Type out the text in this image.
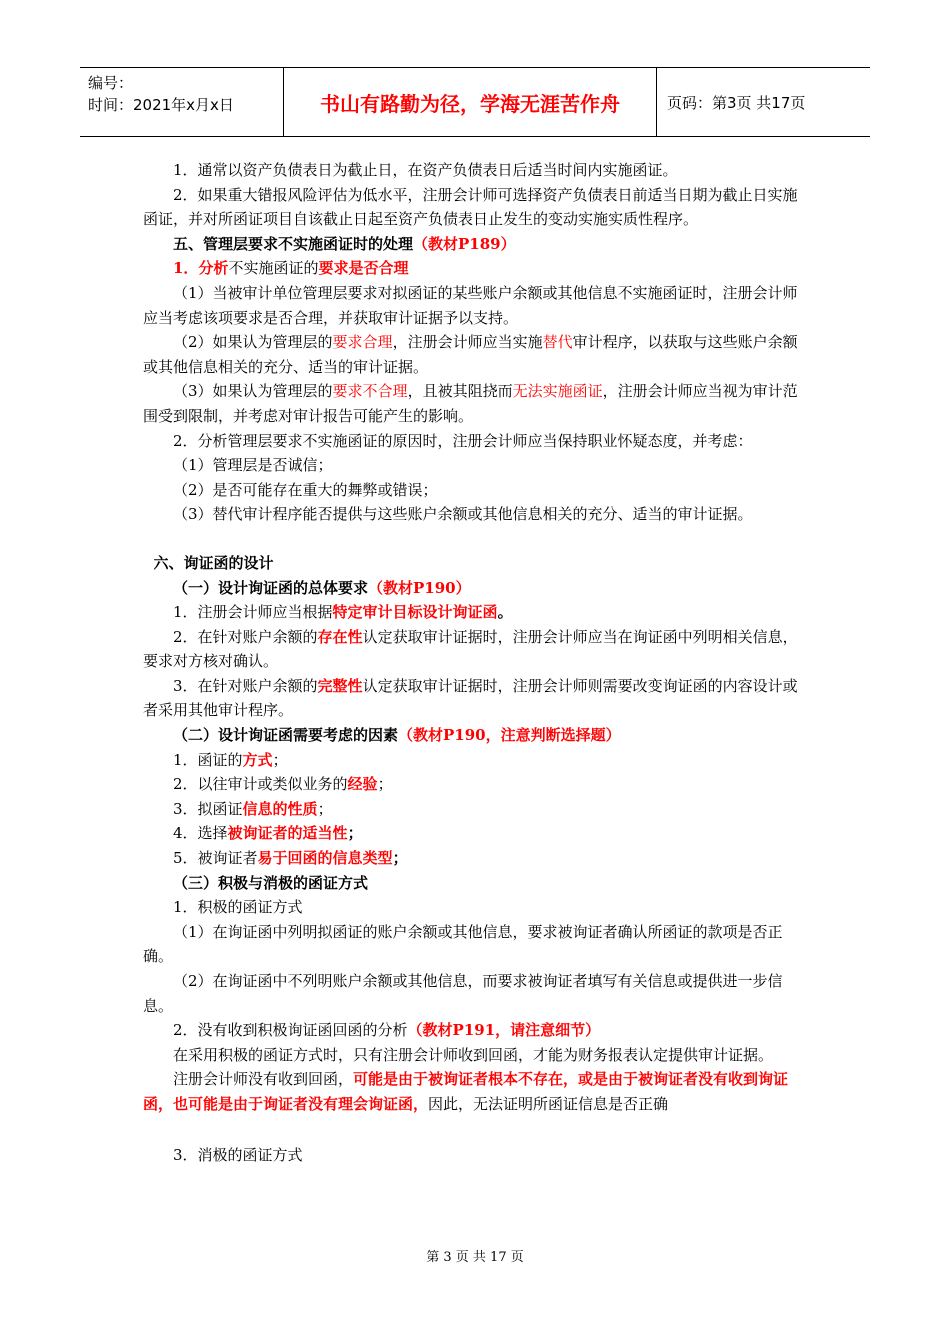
编号：
时间：2021年x月x日	书山有路勤为径，学海无涯苦作舟	页码：第3页 共17页

1．通常以资产负债表日为截止日，在资产负债表日后适当时间内实施函证。

2．如果重大错报风险评估为低水平，注册会计师可选择资产负债表日前适当日期为截止日实施函证，并对所函证项目自该截止日起至资产负债表日止发生的变动实施实质性程序。

五、管理层要求不实施函证时的处理（教材P189）

1．分析不实施函证的要求是否合理

（1）当被审计单位管理层要求对拟函证的某些账户余额或其他信息不实施函证时，注册会计师应当考虑该项要求是否合理，并获取审计证据予以支持。

（2）如果认为管理层的要求合理，注册会计师应当实施替代审计程序，以获取与这些账户余额或其他信息相关的充分、适当的审计证据。

（3）如果认为管理层的要求不合理，且被其阻挠而无法实施函证，注册会计师应当视为审计范围受到限制，并考虑对审计报告可能产生的影响。

2．分析管理层要求不实施函证的原因时，注册会计师应当保持职业怀疑态度，并考虑：

（1）管理层是否诚信；

（2）是否可能存在重大的舞弊或错误；

（3）替代审计程序能否提供与这些账户余额或其他信息相关的充分、适当的审计证据。

六、询证函的设计

（一）设计询证函的总体要求（教材P190）

1．注册会计师应当根据特定审计目标设计询证函。

2．在针对账户余额的存在性认定获取审计证据时，注册会计师应当在询证函中列明相关信息，要求对方核对确认。

3．在针对账户余额的完整性认定获取审计证据时，注册会计师则需要改变询证函的内容设计或者采用其他审计程序。

（二）设计询证函需要考虑的因素（教材P190，注意判断选择题）

1．函证的方式；

2．以往审计或类似业务的经验；

3．拟函证信息的性质；

4．选择被询证者的适当性；

5．被询证者易于回函的信息类型；

（三）积极与消极的函证方式

1．积极的函证方式

（1）在询证函中列明拟函证的账户余额或其他信息，要求被询证者确认所函证的款项是否正确。

（2）在询证函中不列明账户余额或其他信息，而要求被询证者填写有关信息或提供进一步信息。

2．没有收到积极询证函回函的分析（教材P191，请注意细节）

在采用积极的函证方式时，只有注册会计师收到回函，才能为财务报表认定提供审计证据。

注册会计师没有收到回函，可能是由于被询证者根本不存在，或是由于被询证者没有收到询证函，也可能是由于询证者没有理会询证函，因此，无法证明所函证信息是否正确

3．消极的函证方式

第 3 页 共 17 页
